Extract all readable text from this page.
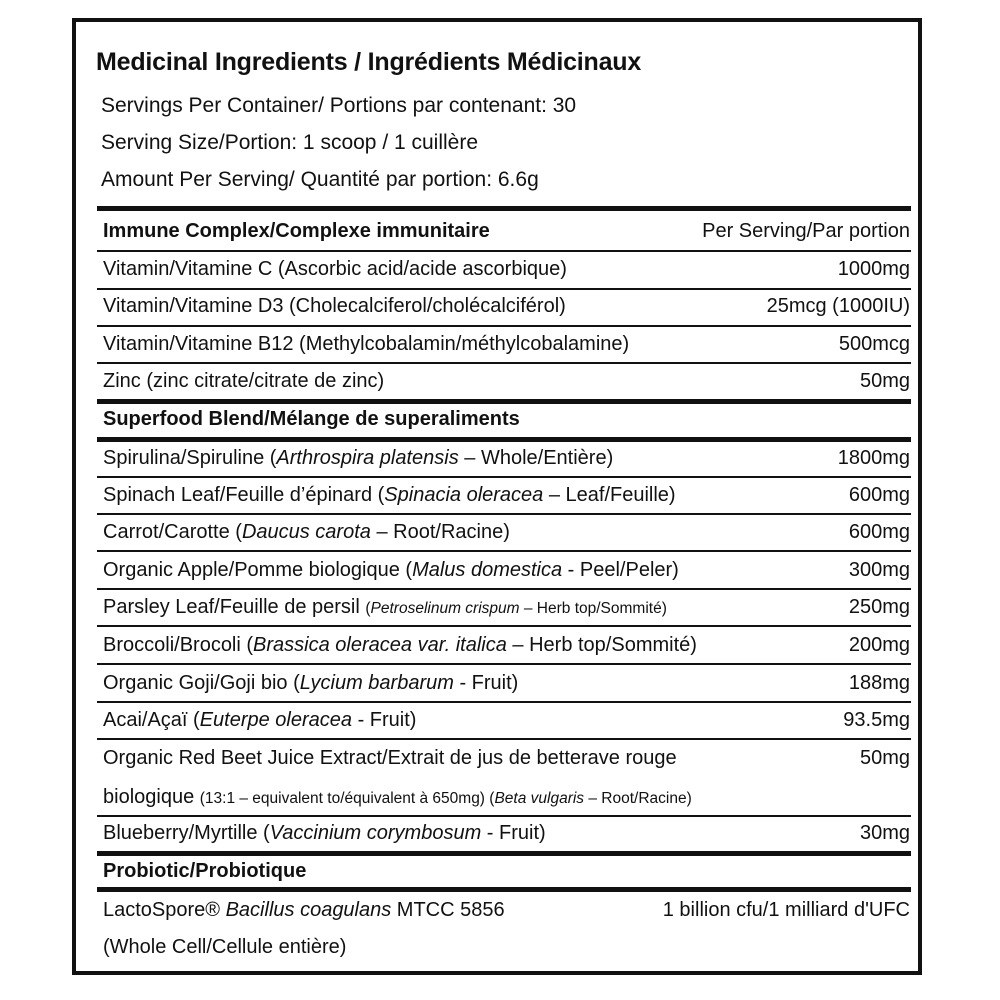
Medicinal Ingredients / Ingrédients Médicinaux
Servings Per Container/ Portions par contenant: 30
Serving Size/Portion: 1 scoop / 1 cuillère
Amount Per Serving/ Quantité par portion: 6.6g
Immune Complex/Complexe immunitaire	Per Serving/Par portion
Vitamin/Vitamine C (Ascorbic acid/acide ascorbique)	1000mg
Vitamin/Vitamine D3 (Cholecalciferol/cholécalciférol)	25mcg (1000IU)
Vitamin/Vitamine B12 (Methylcobalamin/méthylcobalamine)	500mcg
Zinc (zinc citrate/citrate de zinc)	50mg
Superfood Blend/Mélange de superaliments
Spirulina/Spiruline (Arthrospira platensis – Whole/Entière)	1800mg
Spinach Leaf/Feuille d’épinard (Spinacia oleracea – Leaf/Feuille)	600mg
Carrot/Carotte (Daucus carota – Root/Racine)	600mg
Organic Apple/Pomme biologique (Malus domestica - Peel/Peler)	300mg
Parsley Leaf/Feuille de persil (Petroselinum crispum – Herb top/Sommité)	250mg
Broccoli/Brocoli (Brassica oleracea var. italica – Herb top/Sommité)	200mg
Organic Goji/Goji bio (Lycium barbarum - Fruit)	188mg
Acai/Açaï (Euterpe oleracea - Fruit)	93.5mg
Organic Red Beet Juice Extract/Extrait de jus de betterave rouge	50mg
biologique (13:1 – equivalent to/équivalent à 650mg) (Beta vulgaris – Root/Racine)
Blueberry/Myrtille (Vaccinium corymbosum - Fruit)	30mg
Probiotic/Probiotique
LactoSpore® Bacillus coagulans MTCC 5856	1 billion cfu/1 milliard d'UFC
(Whole Cell/Cellule entière)
